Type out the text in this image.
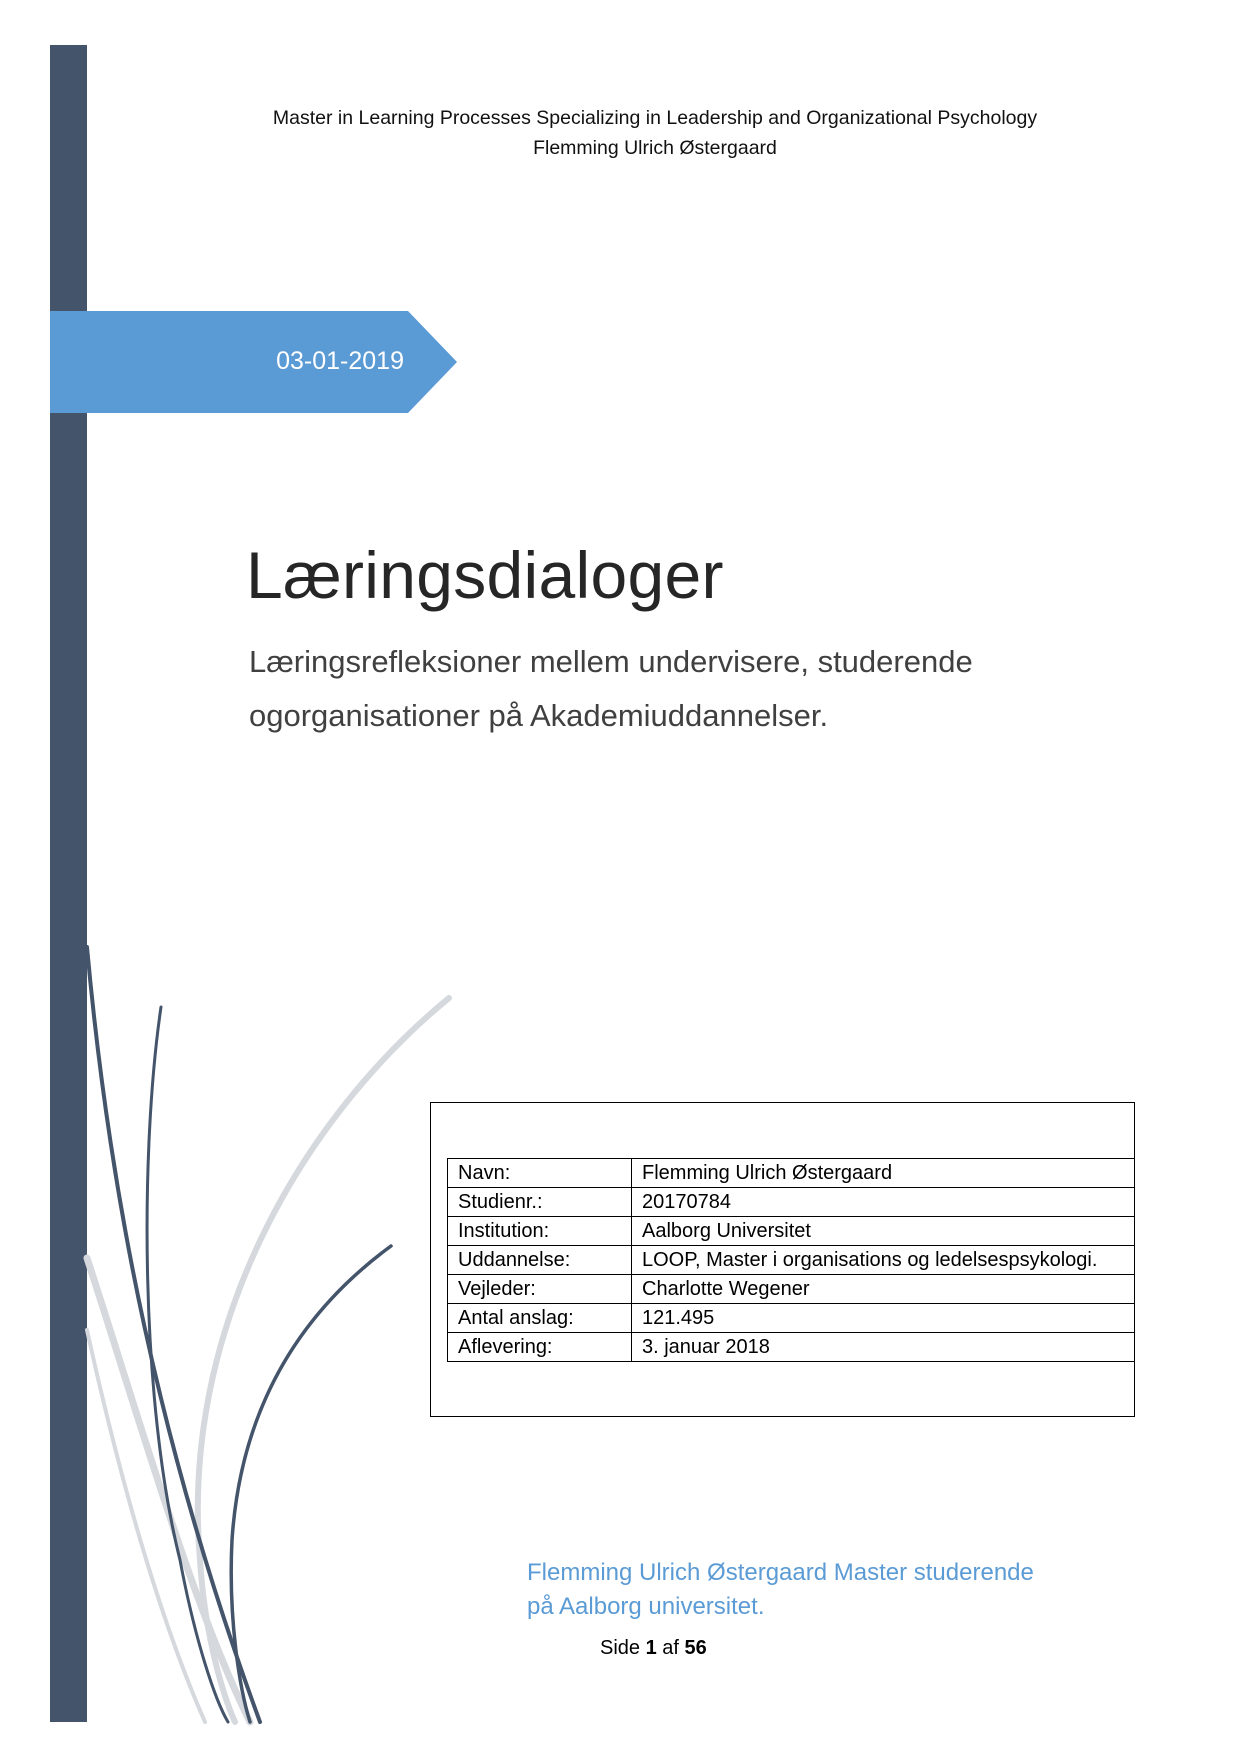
Master in Learning Processes Specializing in Leadership and Organizational Psychology
Flemming Ulrich Østergaard
03-01-2019
Læringsdialoger
Læringsrefleksioner mellem undervisere, studerende
ogorganisationer på Akademiuddannelser.
Navn:	Flemming Ulrich Østergaard
Studienr.:	20170784
Institution:	Aalborg Universitet
Uddannelse:	LOOP, Master i organisations og ledelsespsykologi.
Vejleder:	Charlotte Wegener
Antal anslag:	121.495
Aflevering:	3. januar 2018
Flemming Ulrich Østergaard Master studerende
på Aalborg universitet.
Side 1 af 56
